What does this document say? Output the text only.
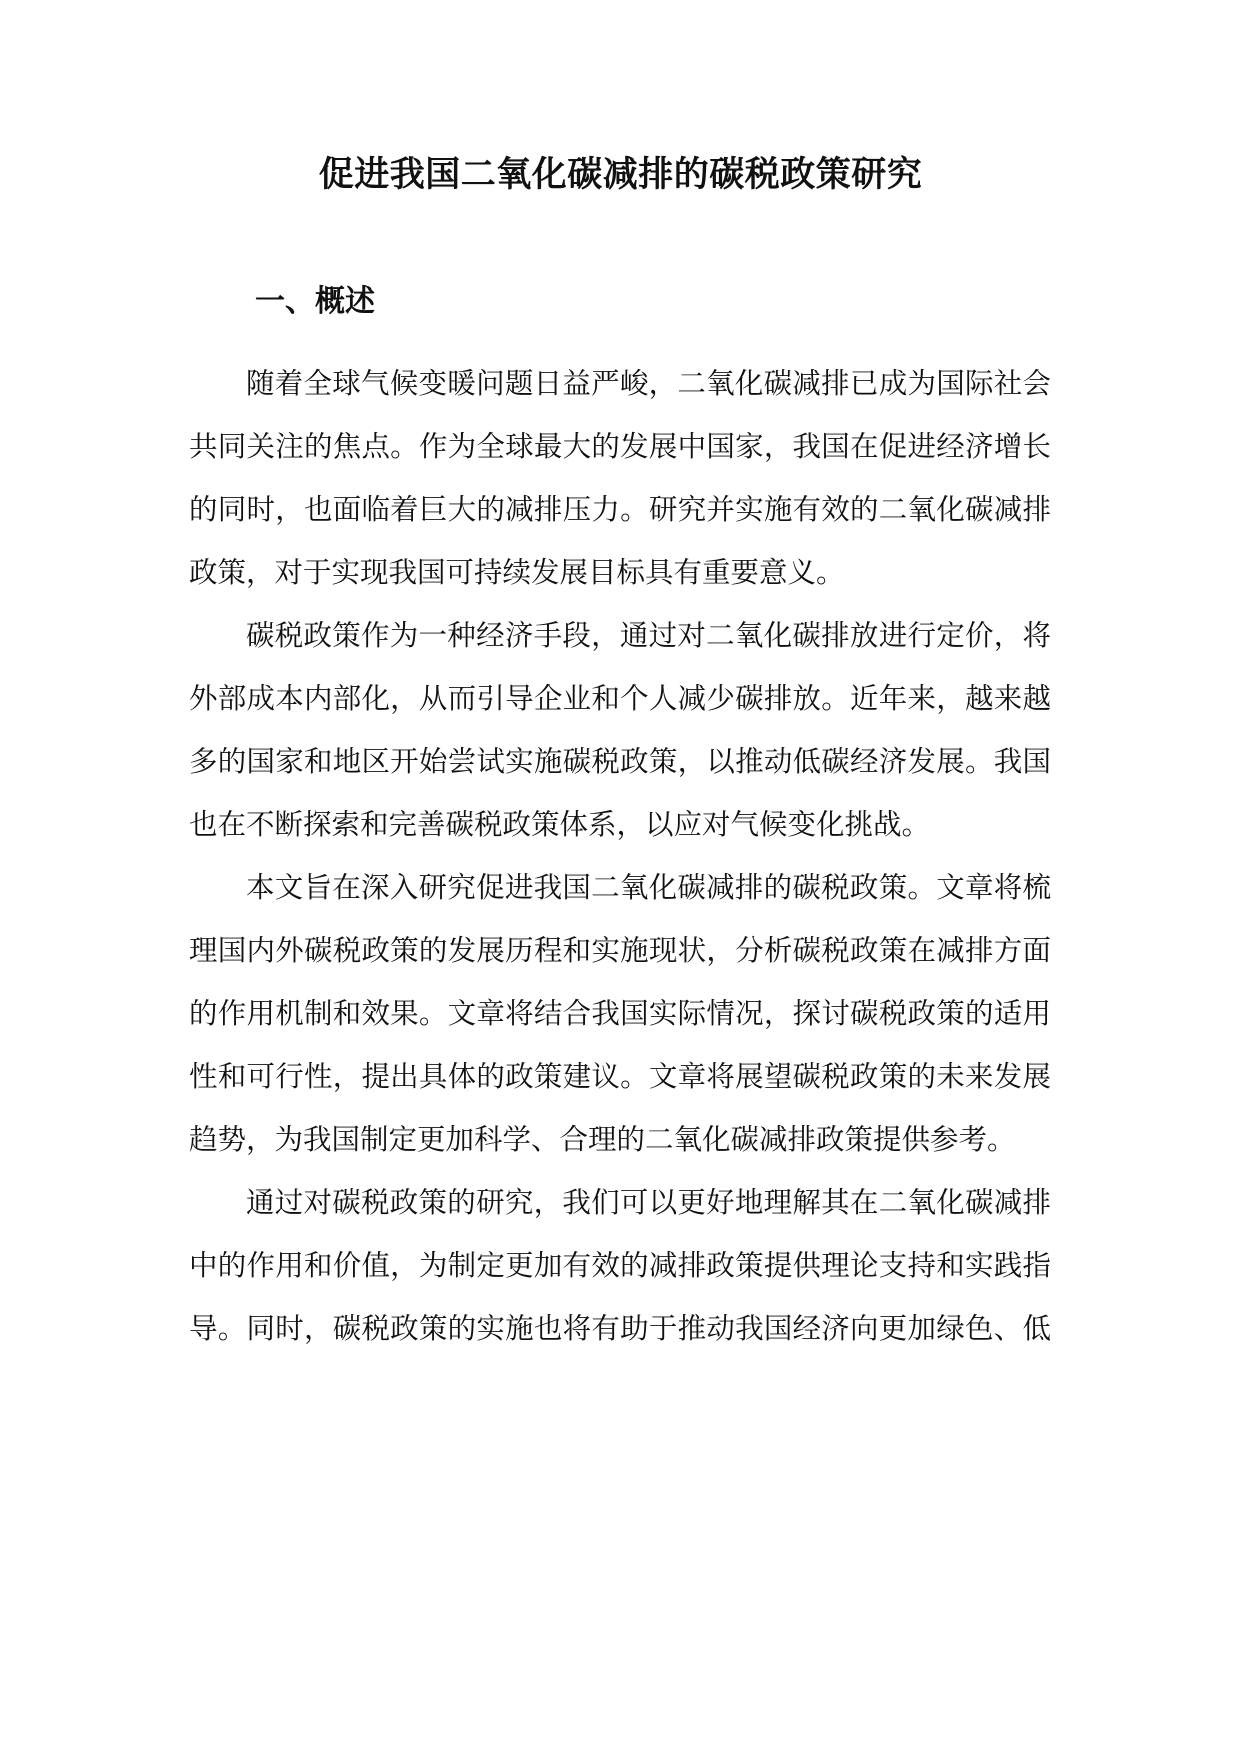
促进我国二氧化碳减排的碳税政策研究
一、概述
随着全球气候变暖问题日益严峻，二氧化碳减排已成为国际社会
共同关注的焦点。作为全球最大的发展中国家，我国在促进经济增长
的同时，也面临着巨大的减排压力。研究并实施有效的二氧化碳减排
政策，对于实现我国可持续发展目标具有重要意义。
碳税政策作为一种经济手段，通过对二氧化碳排放进行定价，将
外部成本内部化，从而引导企业和个人减少碳排放。近年来，越来越
多的国家和地区开始尝试实施碳税政策，以推动低碳经济发展。我国
也在不断探索和完善碳税政策体系，以应对气候变化挑战。
本文旨在深入研究促进我国二氧化碳减排的碳税政策。文章将梳
理国内外碳税政策的发展历程和实施现状，分析碳税政策在减排方面
的作用机制和效果。文章将结合我国实际情况，探讨碳税政策的适用
性和可行性，提出具体的政策建议。文章将展望碳税政策的未来发展
趋势，为我国制定更加科学、合理的二氧化碳减排政策提供参考。
通过对碳税政策的研究，我们可以更好地理解其在二氧化碳减排
中的作用和价值，为制定更加有效的减排政策提供理论支持和实践指
导。同时，碳税政策的实施也将有助于推动我国经济向更加绿色、低
